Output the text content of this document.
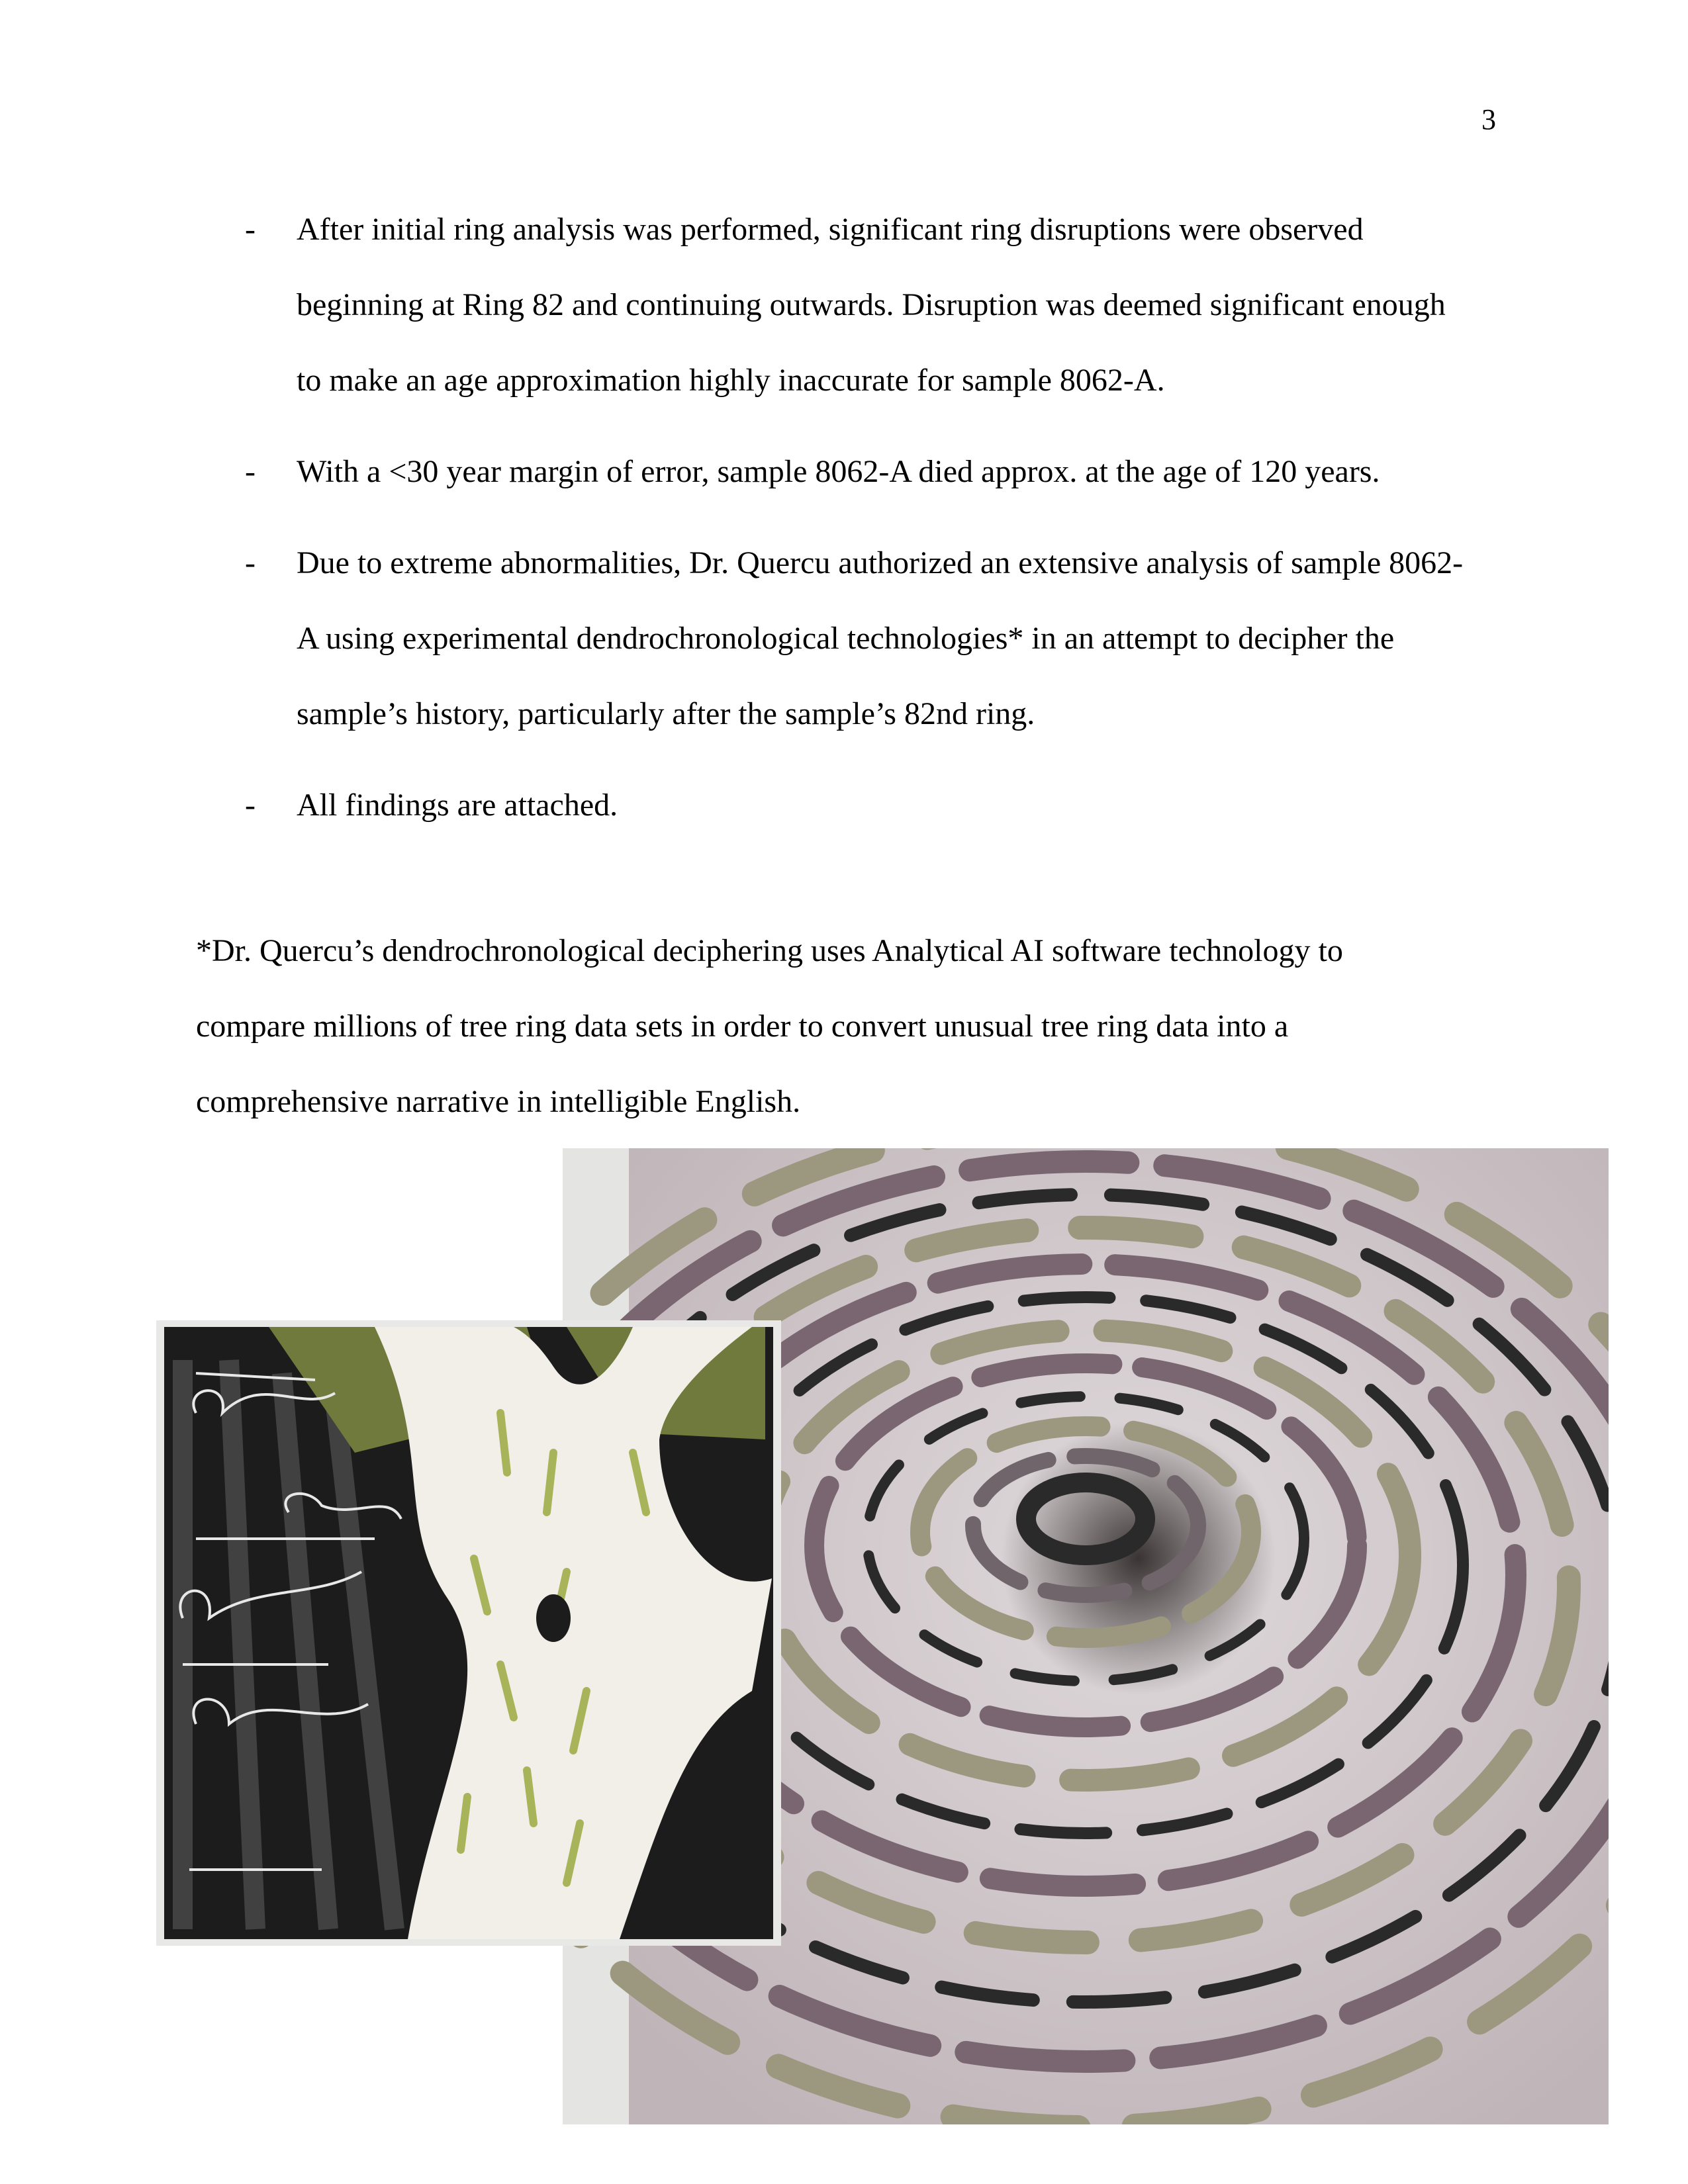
3
- After initial ring analysis was performed, significant ring disruptions were observed beginning at Ring 82 and continuing outwards. Disruption was deemed significant enough to make an age approximation highly inaccurate for sample 8062-A.
- With a <30 year margin of error, sample 8062-A died approx. at the age of 120 years.
- Due to extreme abnormalities, Dr. Quercu authorized an extensive analysis of sample 8062-A using experimental dendrochronological technologies* in an attempt to decipher the sample’s history, particularly after the sample’s 82nd ring.
- All findings are attached.
*Dr. Quercu’s dendrochronological deciphering uses Analytical AI software technology to compare millions of tree ring data sets in order to convert unusual tree ring data into a comprehensive narrative in intelligible English.
